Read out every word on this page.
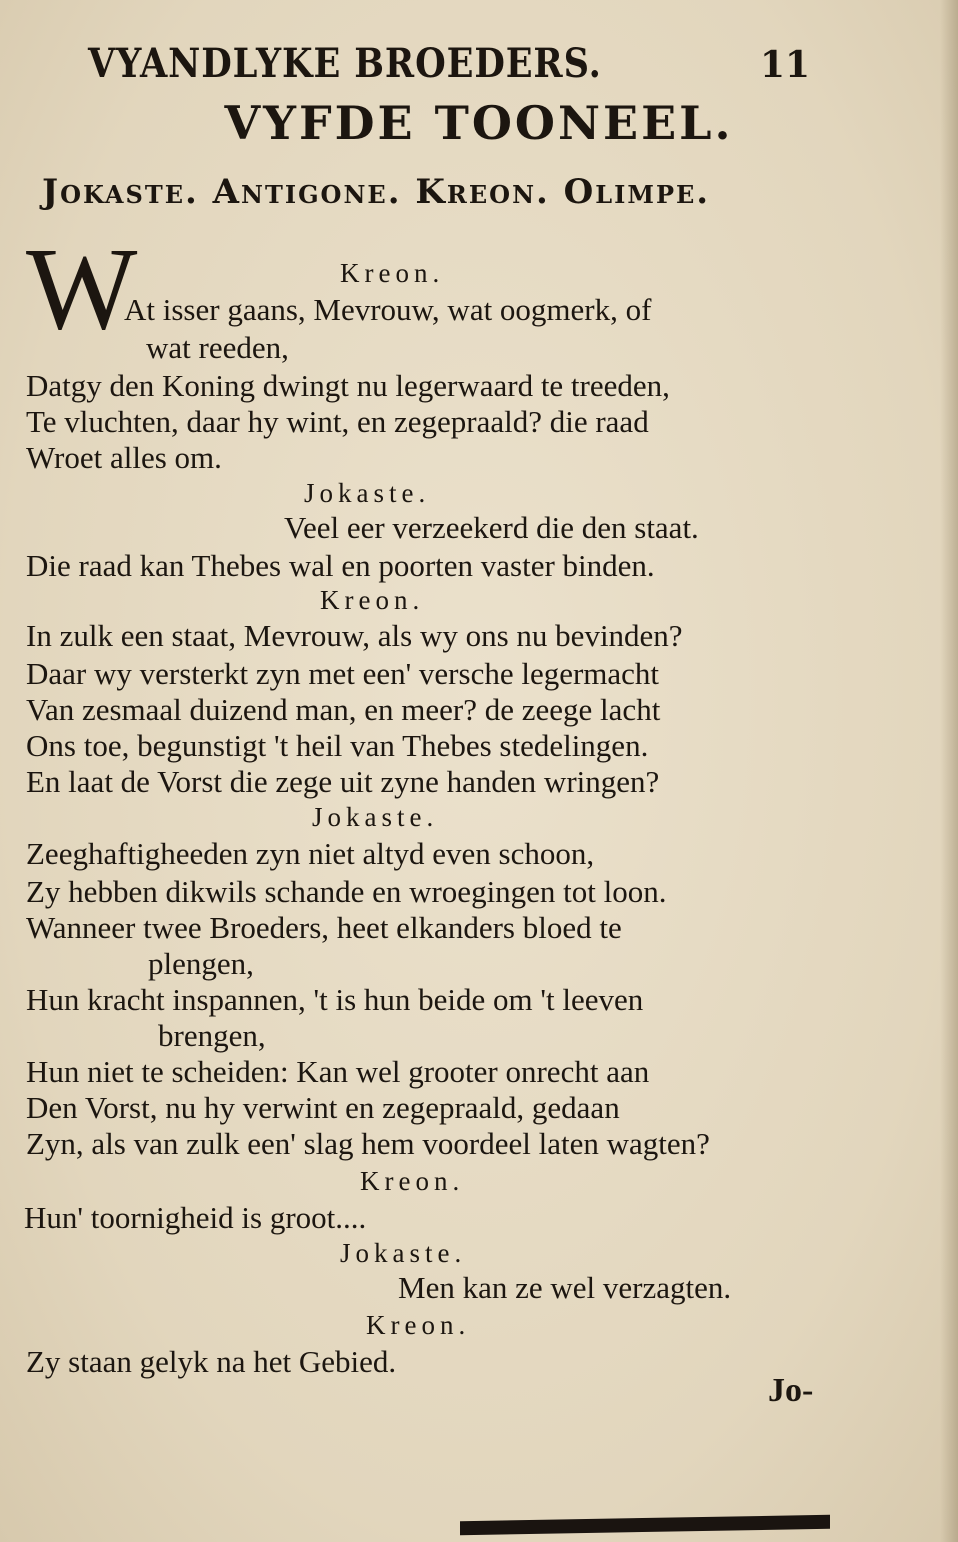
VYANDLYKE BROEDERS.	11
VYFDE TOONEEL.
Jokaste. Antigone. Kreon. Olimpe.
W	Kreon.
At isser gaans, Mevrouw, wat oogmerk, of
wat reeden,
Datgy den Koning dwingt nu legerwaard te treeden,
Te vluchten, daar hy wint, en zegepraald? die raad
Wroet alles om.
Jokaste.
Veel eer verzeekerd die den staat.
Die raad kan Thebes wal en poorten vaster binden.
Kreon.
In zulk een staat, Mevrouw, als wy ons nu bevinden?
Daar wy versterkt zyn met een' versche legermacht
Van zesmaal duizend man, en meer? de zeege lacht
Ons toe, begunstigt 't heil van Thebes stedelingen.
En laat de Vorst die zege uit zyne handen wringen?
Jokaste.
Zeeghaftigheeden zyn niet altyd even schoon,
Zy hebben dikwils schande en wroegingen tot loon.
Wanneer twee Broeders, heet elkanders bloed te
plengen,
Hun kracht inspannen, 't is hun beide om 't leeven
brengen,
Hun niet te scheiden: Kan wel grooter onrecht aan
Den Vorst, nu hy verwint en zegepraald, gedaan
Zyn, als van zulk een' slag hem voordeel laten wagten?
Kreon.
Hun' toornigheid is groot....
Jokaste.
Men kan ze wel verzagten.
Kreon.
Zy staan gelyk na het Gebied.
Jo-
